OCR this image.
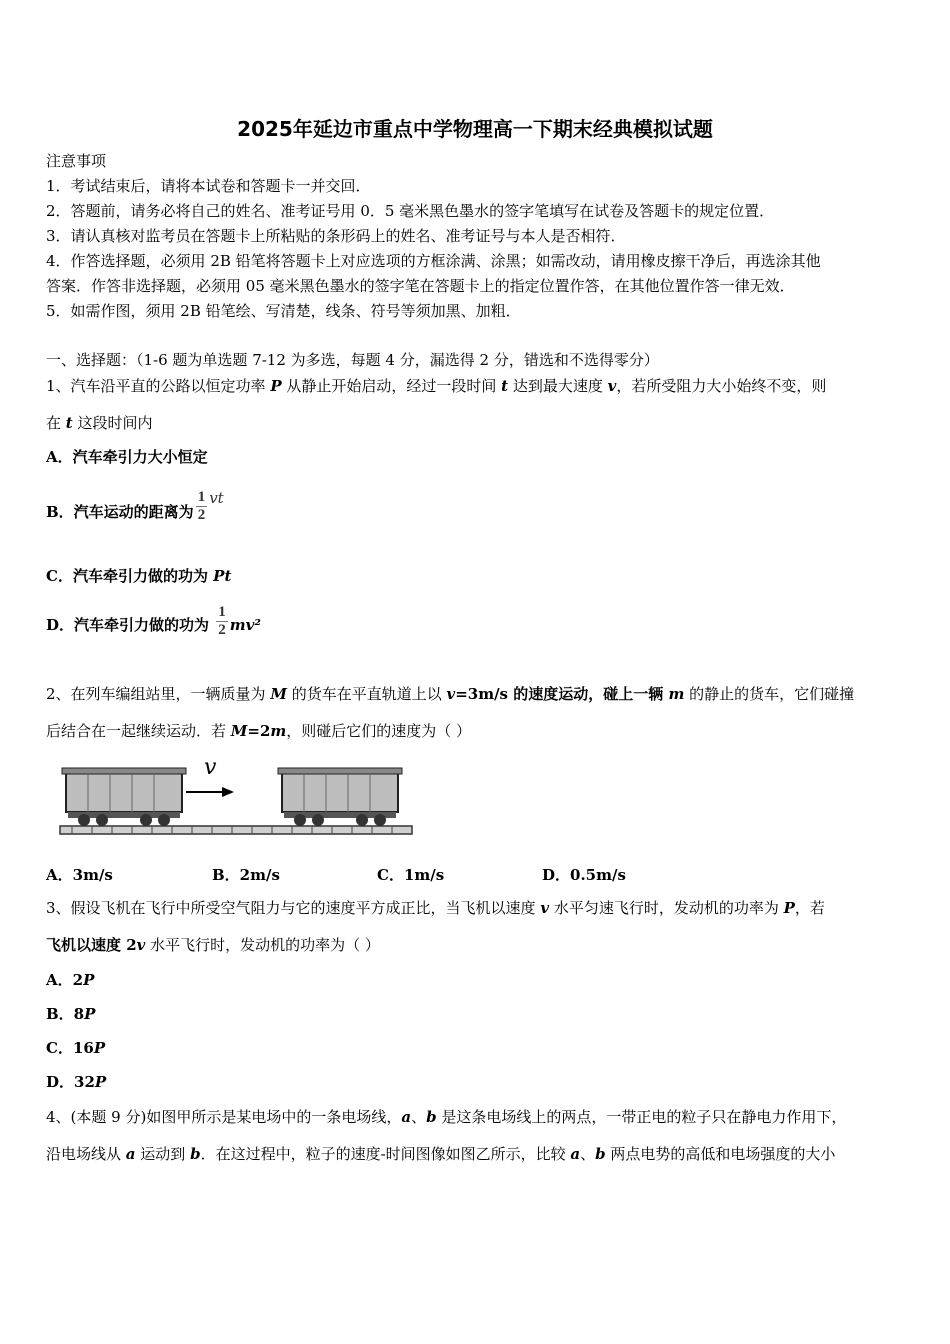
2025年延边市重点中学物理高一下期末经典模拟试题
注意事项
1．考试结束后，请将本试卷和答题卡一并交回．
2．答题前，请务必将自己的姓名、准考证号用 0．5 毫米黑色墨水的签字笔填写在试卷及答题卡的规定位置．
3．请认真核对监考员在答题卡上所粘贴的条形码上的姓名、准考证号与本人是否相符．
4．作答选择题，必须用 2B 铅笔将答题卡上对应选项的方框涂满、涂黑；如需改动，请用橡皮擦干净后，再选涂其他
答案．作答非选择题，必须用 05 毫米黑色墨水的签字笔在答题卡上的指定位置作答，在其他位置作答一律无效．
5．如需作图，须用 2B 铅笔绘、写清楚，线条、符号等须加黑、加粗．
一、选择题：（1-6 题为单选题 7-12 为多选，每题 4 分，漏选得 2 分，错选和不选得零分）
1、汽车沿平直的公路以恒定功率 P 从静止开始启动，经过一段时间 t 达到最大速度 v，若所受阻力大小始终不变，则
在 t 这段时间内
A．汽车牵引力大小恒定
B．汽车运动的距离为 $\frac{1}{2}$ vt
C．汽车牵引力做的功为 Pt
D．汽车牵引力做的功为 $\frac{1}{2} mv^2$
2、在列车编组站里，一辆质量为 M 的货车在平直轨道上以 v=3m/s 的速度运动，碰上一辆 m 的静止的货车，它们碰撞
后结合在一起继续运动．若 M=2m，则碰后它们的速度为（ ）
v
A．3m/s	B．2m/s	C．1m/s	D．0.5m/s
3、假设飞机在飞行中所受空气阻力与它的速度平方成正比，当飞机以速度 v 水平匀速飞行时，发动机的功率为 P，若
飞机以速度 2v 水平飞行时，发动机的功率为（ ）
A．2P
B．8P
C．16P
D．32P
4、(本题 9 分)如图甲所示是某电场中的一条电场线，a、b 是这条电场线上的两点，一带正电的粒子只在静电力作用下，
沿电场线从 a 运动到 b．在这过程中，粒子的速度-时间图像如图乙所示，比较 a、b 两点电势的高低和电场强度的大小
